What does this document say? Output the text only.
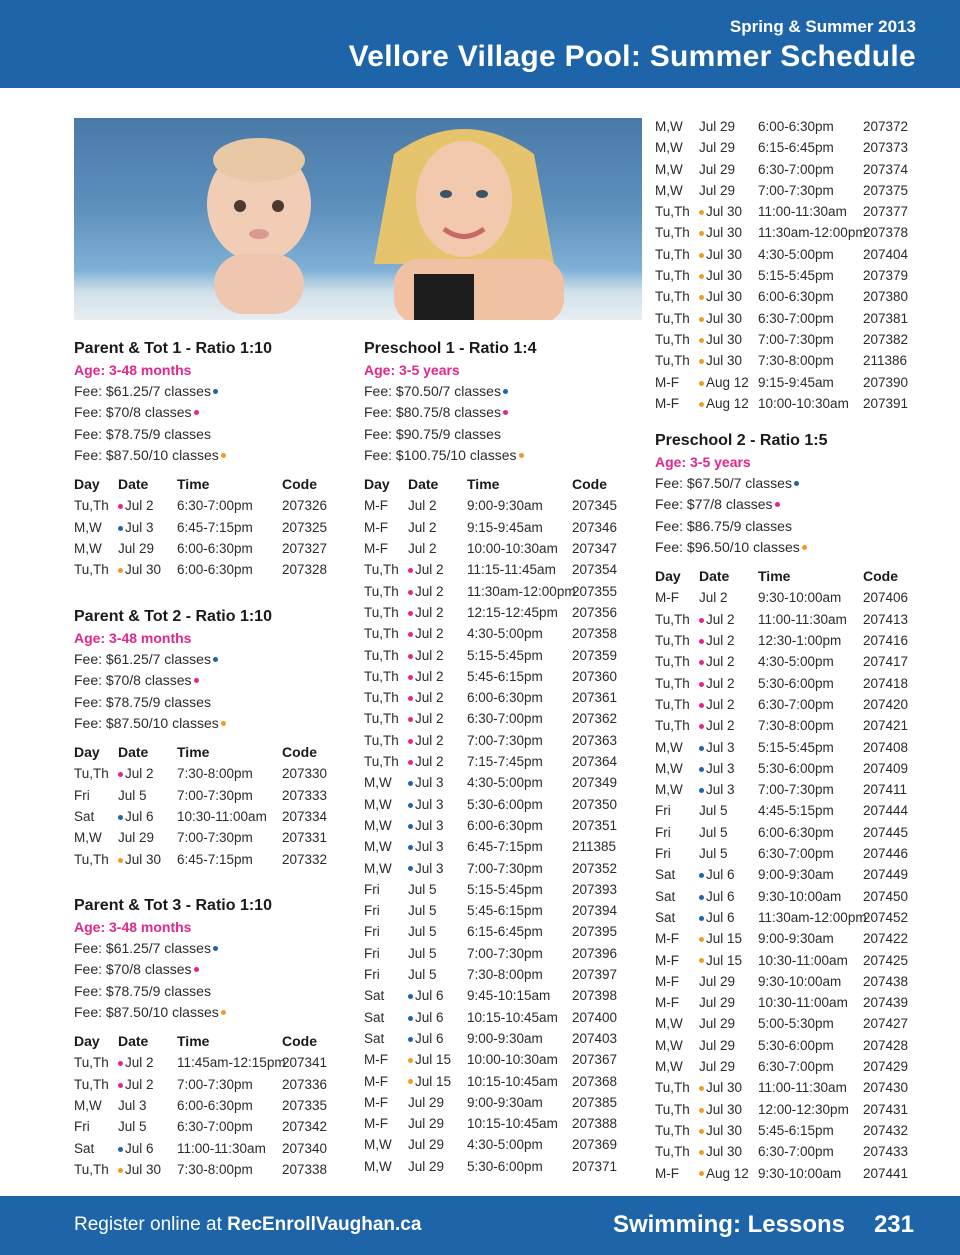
Spring & Summer 2013
Vellore Village Pool: Summer Schedule
Parent & Tot 1 - Ratio 1:10
Age: 3-48 months
Fee: $61.25/7 classes
Fee: $70/8 classes
Fee: $78.75/9 classes
Fee: $87.50/10 classes
Day Date Time	Code
Tu,Th	Jul 2 6:30-7:00pm 207326
M,W	Jul 3 6:45-7:15pm 207325
M,W Jul 29 6:00-6:30pm 207327
Tu,Th	Jul 30 6:00-6:30pm 207328
Parent & Tot 2 - Ratio 1:10
Age: 3-48 months
Fee: $61.25/7 classes
Fee: $70/8 classes
Fee: $78.75/9 classes
Fee: $87.50/10 classes
Day Date Time	Code
Tu,Th	Jul 2 7:30-8:00pm 207330
Fri Jul 5 7:00-7:30pm 207333
Sat	Jul 6 10:30-11:00am 207334
M,W Jul 29 7:00-7:30pm 207331
Tu,Th	Jul 30 6:45-7:15pm 207332
Parent & Tot 3 - Ratio 1:10
Age: 3-48 months
Fee: $61.25/7 classes
Fee: $70/8 classes
Fee: $78.75/9 classes
Fee: $87.50/10 classes
Day Date Time	Code
Tu,Th	Jul 2 11:45am-12:15pm
207341
Tu,Th	Jul 2 7:00-7:30pm 207336
M,W Jul 3 6:00-6:30pm 207335
Fri Jul 5 6:30-7:00pm 207342
Sat	Jul 6 11:00-11:30am 207340
Tu,Th	Jul 30 7:30-8:00pm 207338
Preschool 1 - Ratio 1:4
Age: 3-5 years
Fee: $70.50/7 classes
Fee: $80.75/8 classes
Fee: $90.75/9 classes
Fee: $100.75/10 classes
Day Date Time	Code
M-F Jul 2 9:00-9:30am 207345
M-F Jul 2 9:15-9:45am 207346
M-F Jul 2 10:00-10:30am 207347
Tu,Th	Jul 2 11:15-11:45am 207354
Tu,Th	Jul 2 11:30am-12:00pm
207355
Tu,Th	Jul 2 12:15-12:45pm 207356
Tu,Th	Jul 2 4:30-5:00pm 207358
Tu,Th	Jul 2 5:15-5:45pm 207359
Tu,Th	Jul 2 5:45-6:15pm 207360
Tu,Th	Jul 2 6:00-6:30pm 207361
Tu,Th	Jul 2 6:30-7:00pm 207362
Tu,Th	Jul 2 7:00-7:30pm 207363
Tu,Th	Jul 2 7:15-7:45pm 207364
M,W	Jul 3 4:30-5:00pm 207349
M,W	Jul 3 5:30-6:00pm 207350
M,W	Jul 3 6:00-6:30pm 207351
M,W	Jul 3 6:45-7:15pm 211385
M,W	Jul 3 7:00-7:30pm 207352
Fri Jul 5 5:15-5:45pm 207393
Fri Jul 5 5:45-6:15pm 207394
Fri Jul 5 6:15-6:45pm 207395
Fri Jul 5 7:00-7:30pm 207396
Fri Jul 5 7:30-8:00pm 207397
Sat	Jul 6 9:45-10:15am 207398
Sat	Jul 6 10:15-10:45am 207400
Sat	Jul 6 9:00-9:30am 207403
M-F	Jul 15 10:00-10:30am 207367
M-F	Jul 15 10:15-10:45am 207368
M-F Jul 29 9:00-9:30am 207385
M-F Jul 29 10:15-10:45am 207388
M,W Jul 29 4:30-5:00pm 207369
M,W Jul 29 5:30-6:00pm 207371
M,W Jul 29 6:00-6:30pm 207372
M,W Jul 29 6:15-6:45pm 207373
M,W Jul 29 6:30-7:00pm 207374
M,W Jul 29 7:00-7:30pm 207375
Tu,Th	Jul 30 11:00-11:30am 207377
Tu,Th	Jul 30 11:30am-12:00pm
207378
Tu,Th	Jul 30 4:30-5:00pm 207404
Tu,Th	Jul 30 5:15-5:45pm 207379
Tu,Th	Jul 30 6:00-6:30pm 207380
Tu,Th	Jul 30 6:30-7:00pm 207381
Tu,Th	Jul 30 7:00-7:30pm 207382
Tu,Th	Jul 30 7:30-8:00pm 211386
M-F	Aug 12 9:15-9:45am 207390
M-F	Aug 12 10:00-10:30am 207391
Preschool 2 - Ratio 1:5
Age: 3-5 years
Fee: $67.50/7 classes
Fee: $77/8 classes
Fee: $86.75/9 classes
Fee: $96.50/10 classes
Day Date Time	Code
M-F Jul 2 9:30-10:00am 207406
Tu,Th	Jul 2 11:00-11:30am 207413
Tu,Th	Jul 2 12:30-1:00pm 207416
Tu,Th	Jul 2 4:30-5:00pm 207417
Tu,Th	Jul 2 5:30-6:00pm 207418
Tu,Th	Jul 2 6:30-7:00pm 207420
Tu,Th	Jul 2 7:30-8:00pm 207421
M,W	Jul 3 5:15-5:45pm 207408
M,W	Jul 3 5:30-6:00pm 207409
M,W	Jul 3 7:00-7:30pm 207411
Fri Jul 5 4:45-5:15pm 207444
Fri Jul 5 6:00-6:30pm 207445
Fri Jul 5 6:30-7:00pm 207446
Sat	Jul 6 9:00-9:30am 207449
Sat	Jul 6 9:30-10:00am 207450
Sat	Jul 6 11:30am-12:00pm
207452
M-F	Jul 15 9:00-9:30am 207422
M-F	Jul 15 10:30-11:00am 207425
M-F Jul 29 9:30-10:00am 207438
M-F Jul 29 10:30-11:00am 207439
M,W Jul 29 5:00-5:30pm 207427
M,W Jul 29 5:30-6:00pm 207428
M,W Jul 29 6:30-7:00pm 207429
Tu,Th	Jul 30 11:00-11:30am 207430
Tu,Th	Jul 30 12:00-12:30pm 207431
Tu,Th	Jul 30 5:45-6:15pm 207432
Tu,Th	Jul 30 6:30-7:00pm 207433
M-F	Aug 12 9:30-10:00am 207441
Register online at RecEnrollVaughan.ca	Swimming: Lessons 231
